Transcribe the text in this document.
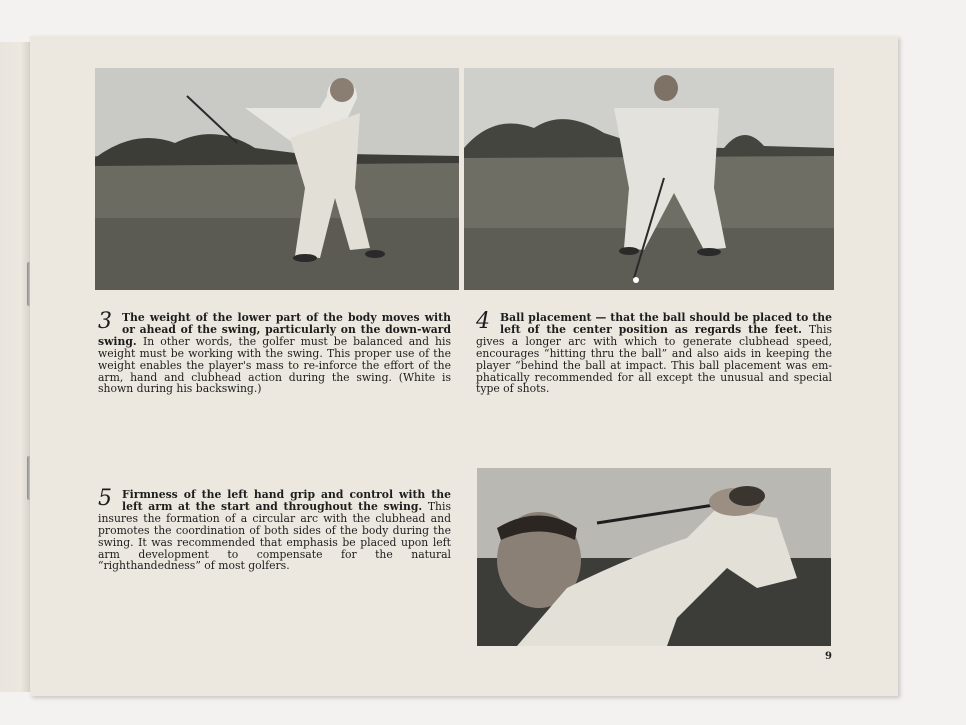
3 The weight of the lower part of the body moves with or ahead of the swing, particularly on the down-ward swing. In other words, the golfer must be balanced and his weight must be working with the swing. This proper use of the weight enables the player's mass to re-inforce the effort of the arm, hand and clubhead action during the swing. (White is shown during his backswing.)
4 Ball placement — that the ball should be placed to the left of the center position as regards the feet. This gives a longer arc with which to generate clubhead speed, encourages “hitting thru the ball” and also aids in keeping the player “behind the ball at impact. This ball placement was em-phatically recommended for all except the unusual and special type of shots.
5 Firmness of the left hand grip and control with the left arm at the start and throughout the swing. This insures the formation of a circular arc with the clubhead and promotes the coordination of both sides of the body during the swing. It was recommended that emphasis be placed upon left arm development to compensate for the natural “righthandedness” of most golfers.
9
